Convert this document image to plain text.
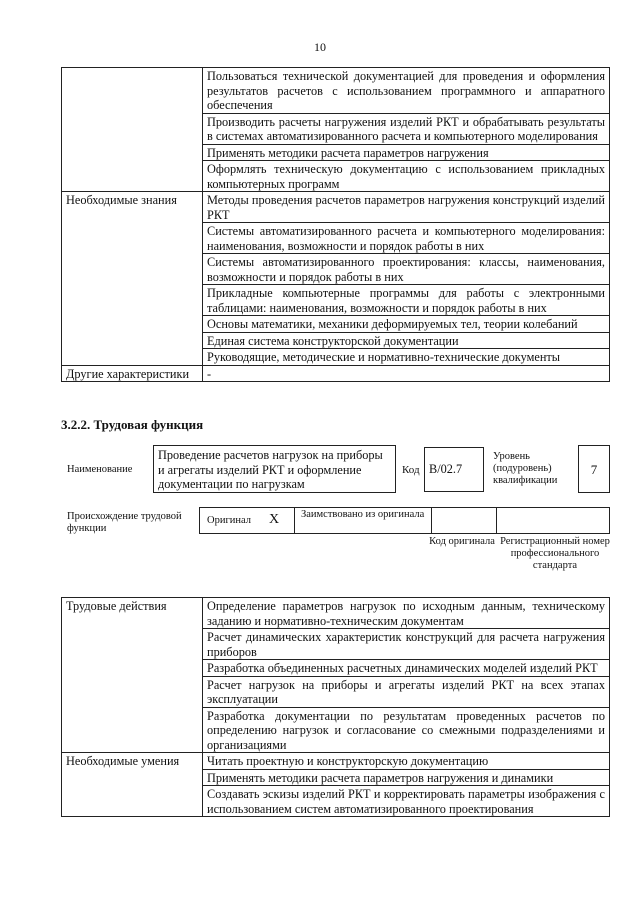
10
	Пользоваться технической документацией для проведения и оформления результатов расчетов с использованием программного и аппаратного обеспечения
	Производить расчеты нагружения изделий РКТ и обрабатывать результаты в системах автоматизированного расчета и компьютерного моделирования
	Применять методики расчета параметров нагружения
	Оформлять техническую документацию с использованием прикладных компьютерных программ
Необходимые знания	Методы проведения расчетов параметров нагружения конструкций изделий РКТ
	Системы автоматизированного расчета и компьютерного моделирования: наименования, возможности и порядок работы в них
	Системы автоматизированного проектирования: классы, наименования, возможности и порядок работы в них
	Прикладные компьютерные программы для работы с электронными таблицами: наименования, возможности и порядок работы в них
	Основы математики, механики деформируемых тел, теории колебаний
	Единая система конструкторской документации
	Руководящие, методические и нормативно-технические документы
Другие характеристики	-
3.2.2. Трудовая функция
Наименование
Проведение расчетов нагрузок на приборы и агрегаты изделий РКТ и оформление документации по нагрузкам
Код B/02.7
Уровень (подуровень) квалификации
7
Происхождение трудовой функции
Оригинал X	Заимствовано из оригинала
Код оригинала Регистрационный номер профессионального стандарта
Трудовые действия	Определение параметров нагрузок по исходным данным, техническому заданию и нормативно-техническим документам
	Расчет динамических характеристик конструкций для расчета нагружения приборов
	Разработка объединенных расчетных динамических моделей изделий РКТ
	Расчет нагрузок на приборы и агрегаты изделий РКТ на всех этапах эксплуатации
	Разработка документации по результатам проведенных расчетов по определению нагрузок и согласование со смежными подразделениями и организациями
Необходимые умения	Читать проектную и конструкторскую документацию
	Применять методики расчета параметров нагружения и динамики
	Создавать эскизы изделий РКТ и корректировать параметры изображения с использованием систем автоматизированного проектирования
